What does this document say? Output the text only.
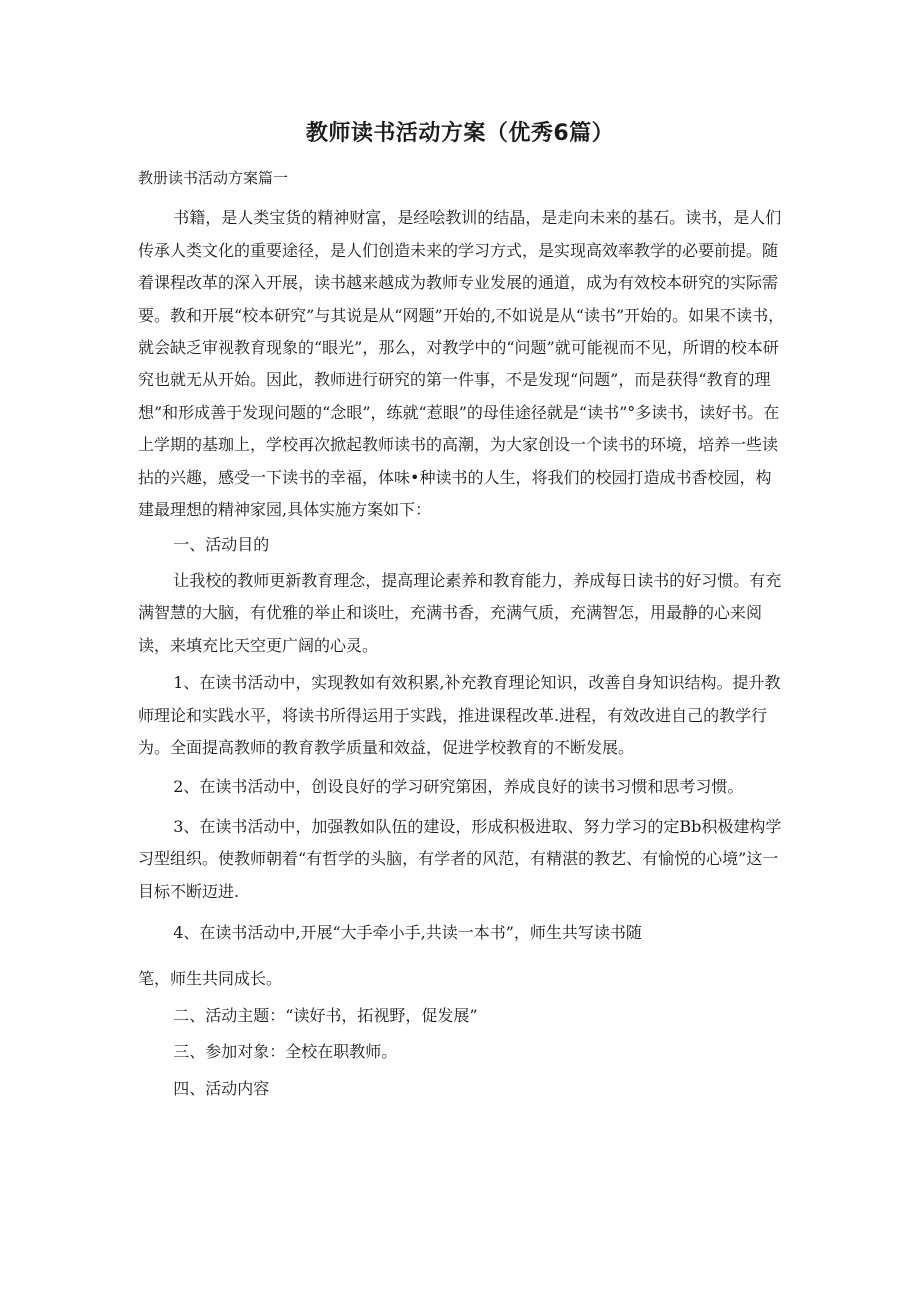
教师读书活动方案（优秀6篇）

教册读书活动方案篇一

书籍，是人类宝货的精神财富，是经哙教训的结晶，是走向未来的基石。读书，是人们传承人类文化的重要途径，是人们创造未来的学习方式，是实现高效率教学的必要前提。随着课程改革的深入开展，读书越来越成为教师专业发展的通道，成为有效校本研究的实际需要。教和开展“校本研究”与其说是从“网题”开始的,不如说是从“读书”开始的。如果不读书，就会缺乏审视教育现象的“眼光”，那么，对教学中的“问题”就可能视而不见，所谓的校本研究也就无从开始。因此，教师进行研究的第一件事，不是发现“问题”，而是获得“教育的理想”和形成善于发现问题的“念眼”，练就“惹眼”的母佳途径就是“读书”°多读书，读好书。在上学期的基珈上，学校再次掀起教师读书的高潮，为大家创设一个读书的环境，培养一些读拈的兴趣，感受一下读书的幸福，体味•种读书的人生，将我们的校园打造成书香校园，构建最理想的精神家园,具体实施方案如下：

一、活动目的

让我校的教师更新教育理念，提高理论素养和教育能力，养成每日读书的好习惯。有充满智慧的大脑，有优雅的举止和谈吐，充满书香，充满气质，充满智怎，用最静的心来阅读，来填充比天空更广阔的心灵。

1、在读书活动中，实现教如有效积累,补充教育理论知识，改善自身知识结构。提升教师理论和实践水平，将读书所得运用于实践，推进课程改革.进程，有效改进自己的教学行为。全面提高教师的教育教学质量和效益，促进学校教育的不断发展。

2、在读书活动中，创设良好的学习研究第困，养成良好的读书习惯和思考习惯。

3、在读书活动中，加强教如队伍的建设，形成积极进取、努力学习的定Bb积极建构学习型组织。使教师朝着“有哲学的头脑，有学者的风范，有精湛的教艺、有愉悦的心境”这一目标不断迈进.

4、在读书活动中,开展“大手牵小手,共读一本书”，师生共写读书随

笔，师生共同成长。

二、活动主题：“读好书，拓视野，促发展”

三、参加对象：全校在职教师。

四、活动内容
